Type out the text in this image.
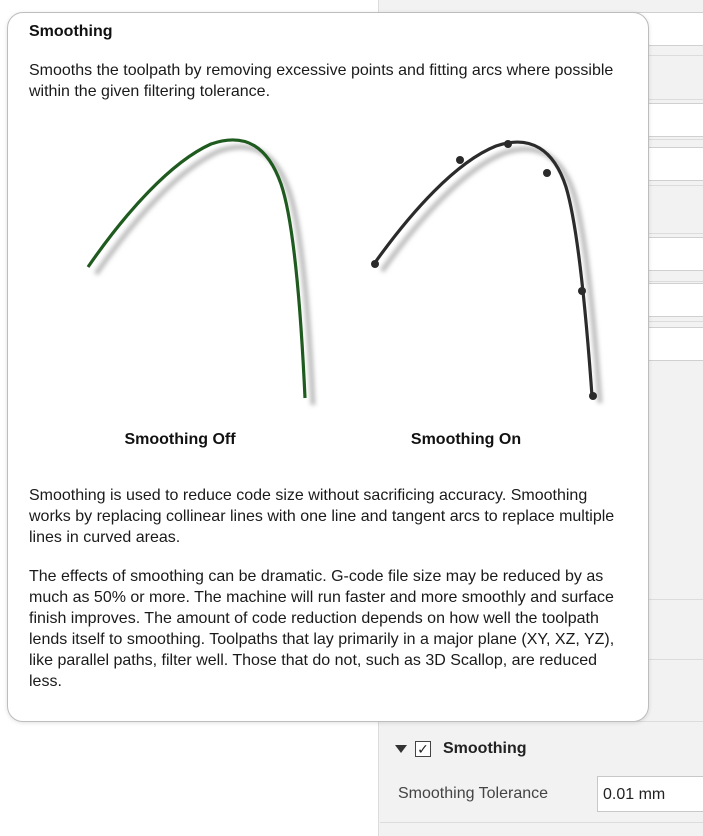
✓ Smoothing
Smoothing Tolerance	0.01 mm
Smoothing

Smooths the toolpath by removing excessive points and fitting arcs where possible within the given filtering tolerance.

Smoothing Off	Smoothing On

Smoothing is used to reduce code size without sacrificing accuracy. Smoothing works by replacing collinear lines with one line and tangent arcs to replace multiple lines in curved areas.

The effects of smoothing can be dramatic. G-code file size may be reduced by as much as 50% or more. The machine will run faster and more smoothly and surface finish improves. The amount of code reduction depends on how well the toolpath lends itself to smoothing. Toolpaths that lay primarily in a major plane (XY, XZ, YZ), like parallel paths, filter well. Those that do not, such as 3D Scallop, are reduced less.
